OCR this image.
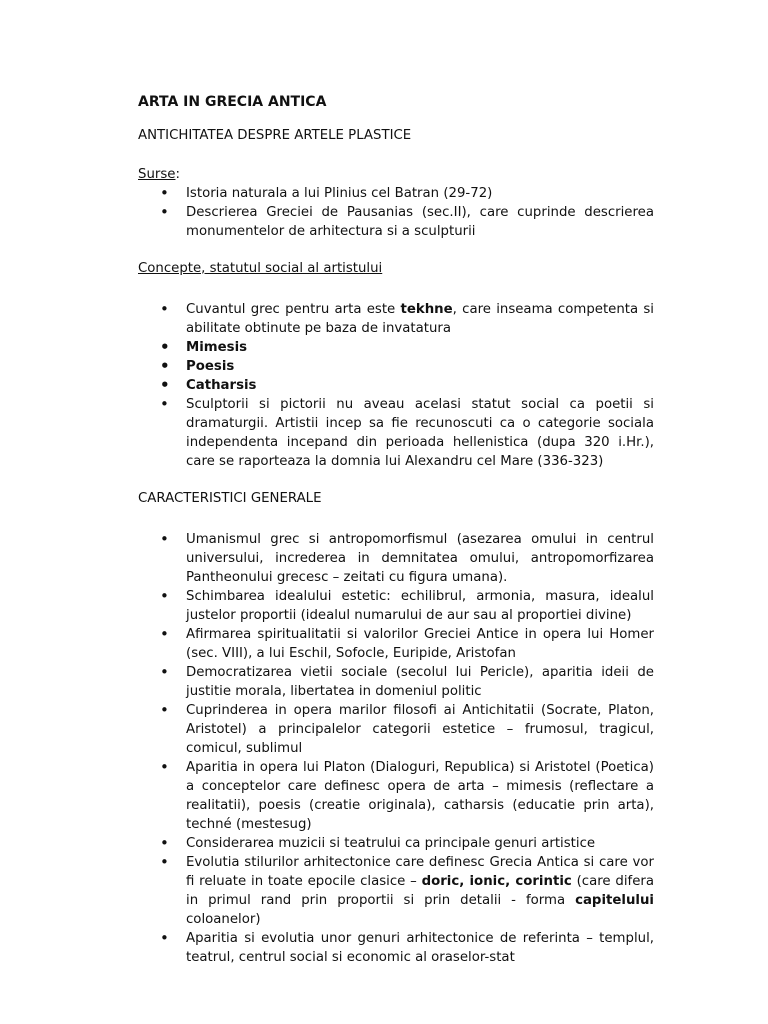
ARTA IN GRECIA ANTICA
ANTICHITATEA DESPRE ARTELE PLASTICE
Surse:
• Istoria naturala a lui Plinius cel Batran (29-72)
• Descrierea Greciei de Pausanias (sec.II), care cuprinde descrierea monumentelor de arhitectura si a sculpturii
Concepte, statutul social al artistului
• Cuvantul grec pentru arta este tekhne, care inseama competenta si abilitate obtinute pe baza de invatatura
• Mimesis
• Poesis
• Catharsis
• Sculptorii si pictorii nu aveau acelasi statut social ca poetii si dramaturgii. Artistii incep sa fie recunoscuti ca o categorie sociala independenta incepand din perioada hellenistica (dupa 320 i.Hr.), care se raporteaza la domnia lui Alexandru cel Mare (336-323)
CARACTERISTICI GENERALE
• Umanismul grec si antropomorfismul (asezarea omului in centrul universului, increderea in demnitatea omului, antropomorfizarea Pantheonului grecesc – zeitati cu figura umana).
• Schimbarea idealului estetic: echilibrul, armonia, masura, idealul justelor proportii (idealul numarului de aur sau al proportiei divine)
• Afirmarea spiritualitatii si valorilor Greciei Antice in opera lui Homer (sec. VIII), a lui Eschil, Sofocle, Euripide, Aristofan
• Democratizarea vietii sociale (secolul lui Pericle), aparitia ideii de justitie morala, libertatea in domeniul politic
• Cuprinderea in opera marilor filosofi ai Antichitatii (Socrate, Platon, Aristotel) a principalelor categorii estetice – frumosul, tragicul, comicul, sublimul
• Aparitia in opera lui Platon (Dialoguri, Republica) si Aristotel (Poetica) a conceptelor care definesc opera de arta – mimesis (reflectare a realitatii), poesis (creatie originala), catharsis (educatie prin arta), techné (mestesug)
• Considerarea muzicii si teatrului ca principale genuri artistice
• Evolutia stilurilor arhitectonice care definesc Grecia Antica si care vor fi reluate in toate epocile clasice – doric, ionic, corintic (care difera in primul rand prin proportii si prin detalii - forma capitelului coloanelor)
• Aparitia si evolutia unor genuri arhitectonice de referinta – templul, teatrul, centrul social si economic al oraselor-stat
